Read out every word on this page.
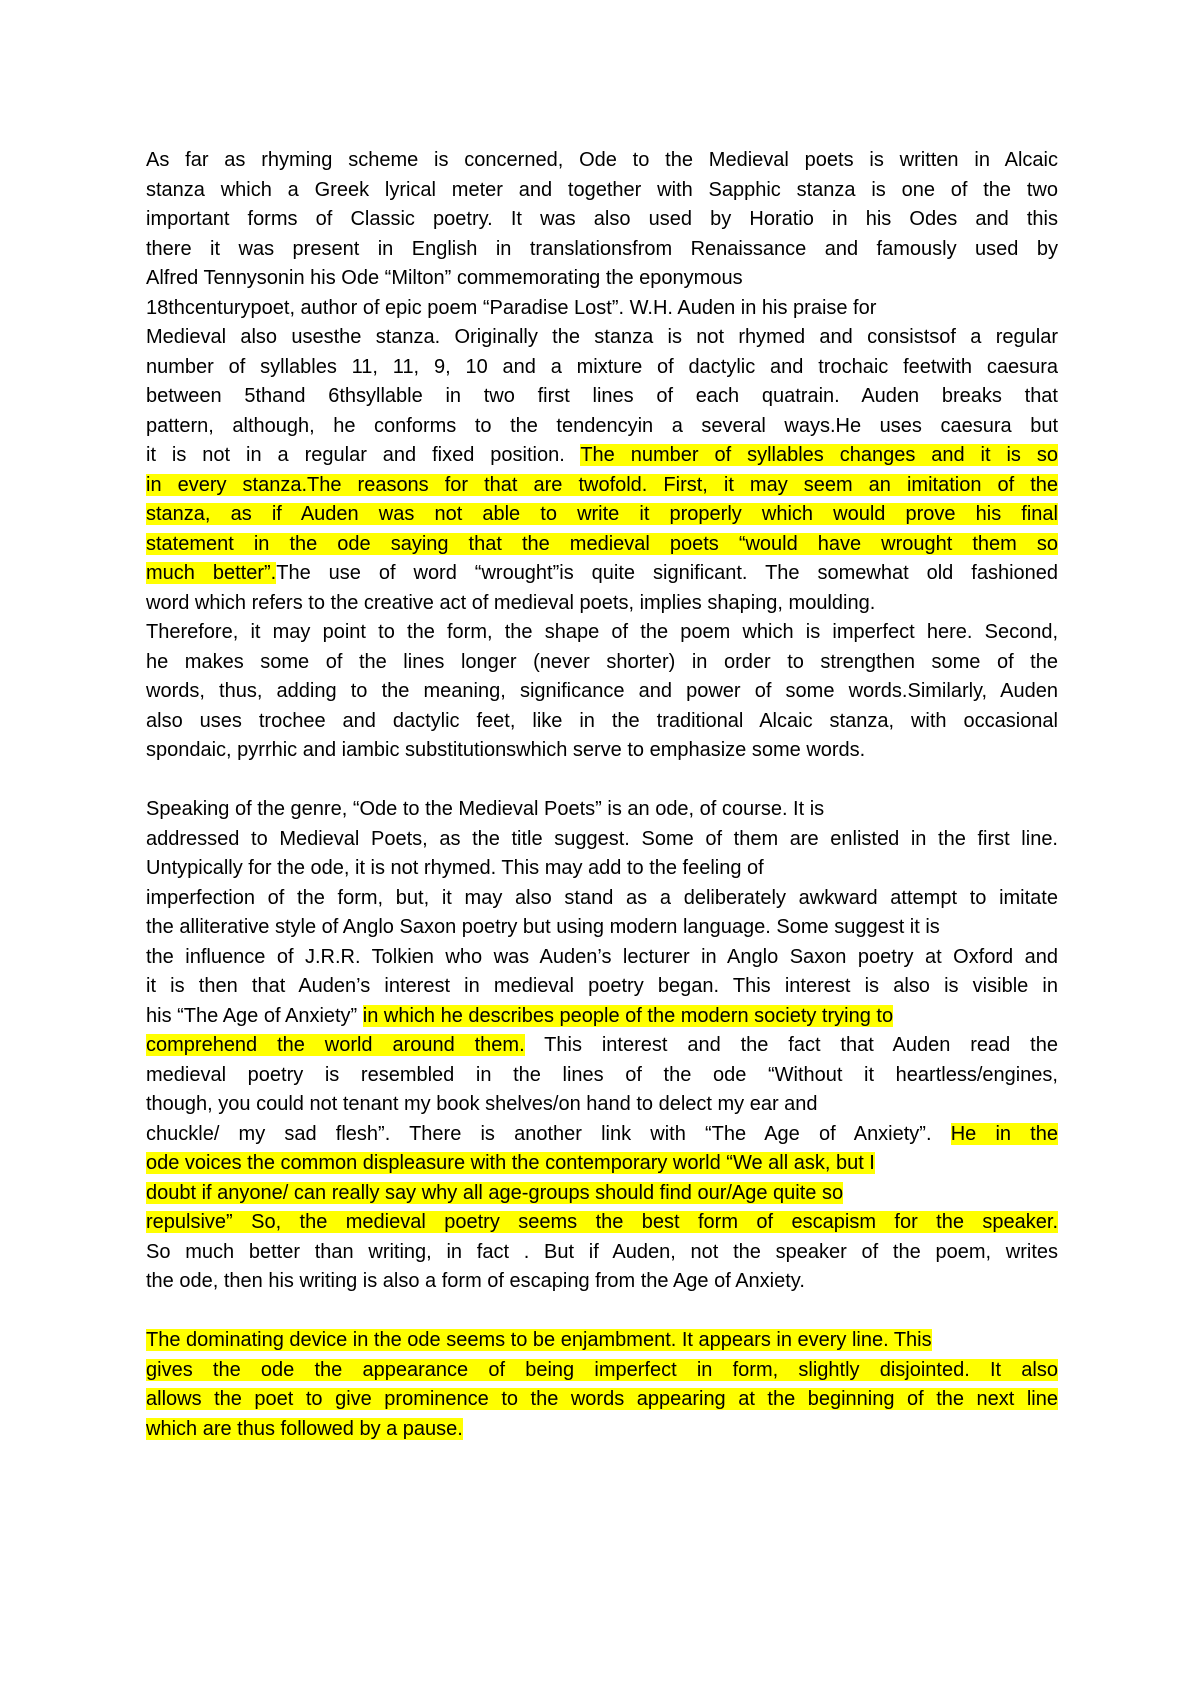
As far as rhyming scheme is concerned, Ode to the Medieval poets is written in Alcaic
stanza which a Greek lyrical meter and together with Sapphic stanza is one of the two
important forms of Classic poetry. It was also used by Horatio in his Odes and this
there it was present in English in translationsfrom Renaissance and famously used by
Alfred Tennysonin his Ode “Milton” commemorating the eponymous
18thcenturypoet, author of epic poem “Paradise Lost”. W.H. Auden in his praise for
Medieval also usesthe stanza. Originally the stanza is not rhymed and consistsof a regular
number of syllables 11, 11, 9, 10 and a mixture of dactylic and trochaic feetwith caesura
between 5thand 6thsyllable in two first lines of each quatrain. Auden breaks that
pattern, although, he conforms to the tendencyin a several ways.He uses caesura but
it is not in a regular and fixed position. The number of syllables changes and it is so
in every stanza.The reasons for that are twofold. First, it may seem an imitation of the
stanza, as if Auden was not able to write it properly which would prove his final
statement in the ode saying that the medieval poets “would have wrought them so
much better”.The use of word “wrought”is quite significant. The somewhat old fashioned
word which refers to the creative act of medieval poets, implies shaping, moulding.
Therefore, it may point to the form, the shape of the poem which is imperfect here. Second,
he makes some of the lines longer (never shorter) in order to strengthen some of the
words, thus, adding to the meaning, significance and power of some words.Similarly, Auden
also uses trochee and dactylic feet, like in the traditional Alcaic stanza, with occasional
spondaic, pyrrhic and iambic substitutionswhich serve to emphasize some words.
Speaking of the genre, “Ode to the Medieval Poets” is an ode, of course. It is
addressed to Medieval Poets, as the title suggest. Some of them are enlisted in the first line.
Untypically for the ode, it is not rhymed. This may add to the feeling of
imperfection of the form, but, it may also stand as a deliberately awkward attempt to imitate
the alliterative style of Anglo Saxon poetry but using modern language. Some suggest it is
the influence of J.R.R. Tolkien who was Auden’s lecturer in Anglo Saxon poetry at Oxford and
it is then that Auden’s interest in medieval poetry began. This interest is also is visible in
his “The Age of Anxiety” in which he describes people of the modern society trying to
comprehend the world around them. This interest and the fact that Auden read the
medieval poetry is resembled in the lines of the ode “Without it heartless/engines,
though, you could not tenant my book shelves/on hand to delect my ear and
chuckle/ my sad flesh”. There is another link with “The Age of Anxiety”. He in the
ode voices the common displeasure with the contemporary world “We all ask, but I
doubt if anyone/ can really say why all age-groups should find our/Age quite so
repulsive” So, the medieval poetry seems the best form of escapism for the speaker.
So much better than writing, in fact . But if Auden, not the speaker of the poem, writes
the ode, then his writing is also a form of escaping from the Age of Anxiety.
The dominating device in the ode seems to be enjambment. It appears in every line. This
gives the ode the appearance of being imperfect in form, slightly disjointed. It also
allows the poet to give prominence to the words appearing at the beginning of the next line
which are thus followed by a pause.
